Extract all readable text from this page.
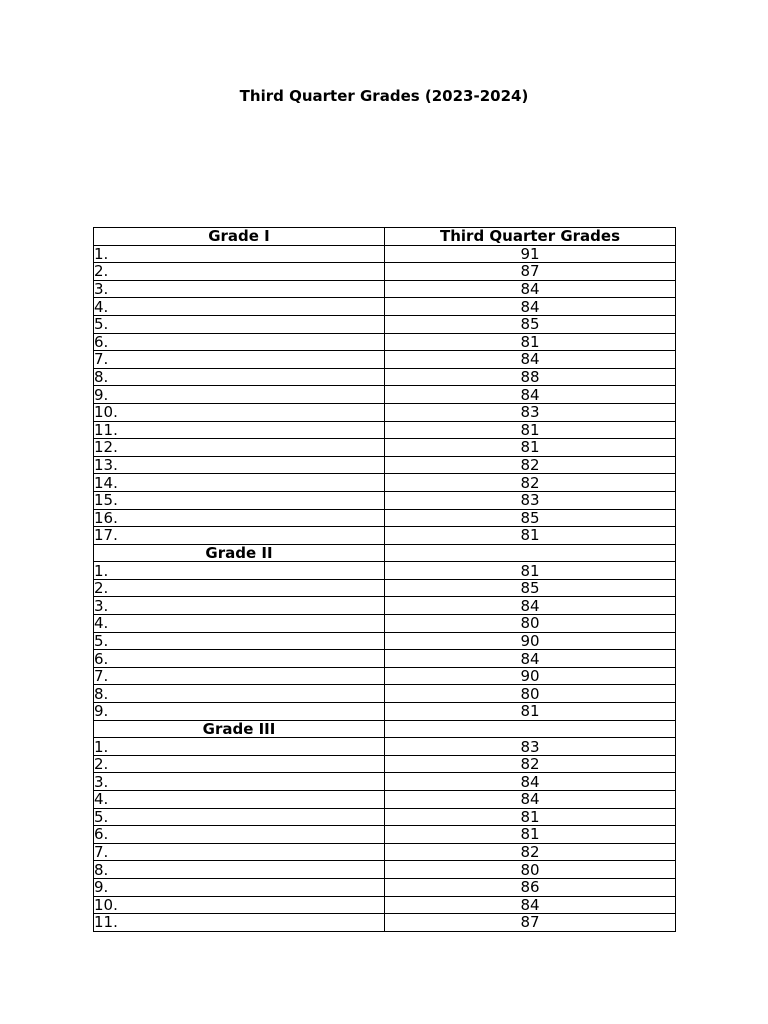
Third Quarter Grades (2023-2024)
Grade I	Third Quarter Grades
1.	91
2.	87
3.	84
4.	84
5.	85
6.	81
7.	84
8.	88
9.	84
10.	83
11.	81
12.	81
13.	82
14.	82
15.	83
16.	85
17.	81
Grade II	
1.	81
2.	85
3.	84
4.	80
5.	90
6.	84
7.	90
8.	80
9.	81
Grade III	
1.	83
2.	82
3.	84
4.	84
5.	81
6.	81
7.	82
8.	80
9.	86
10.	84
11.	87
